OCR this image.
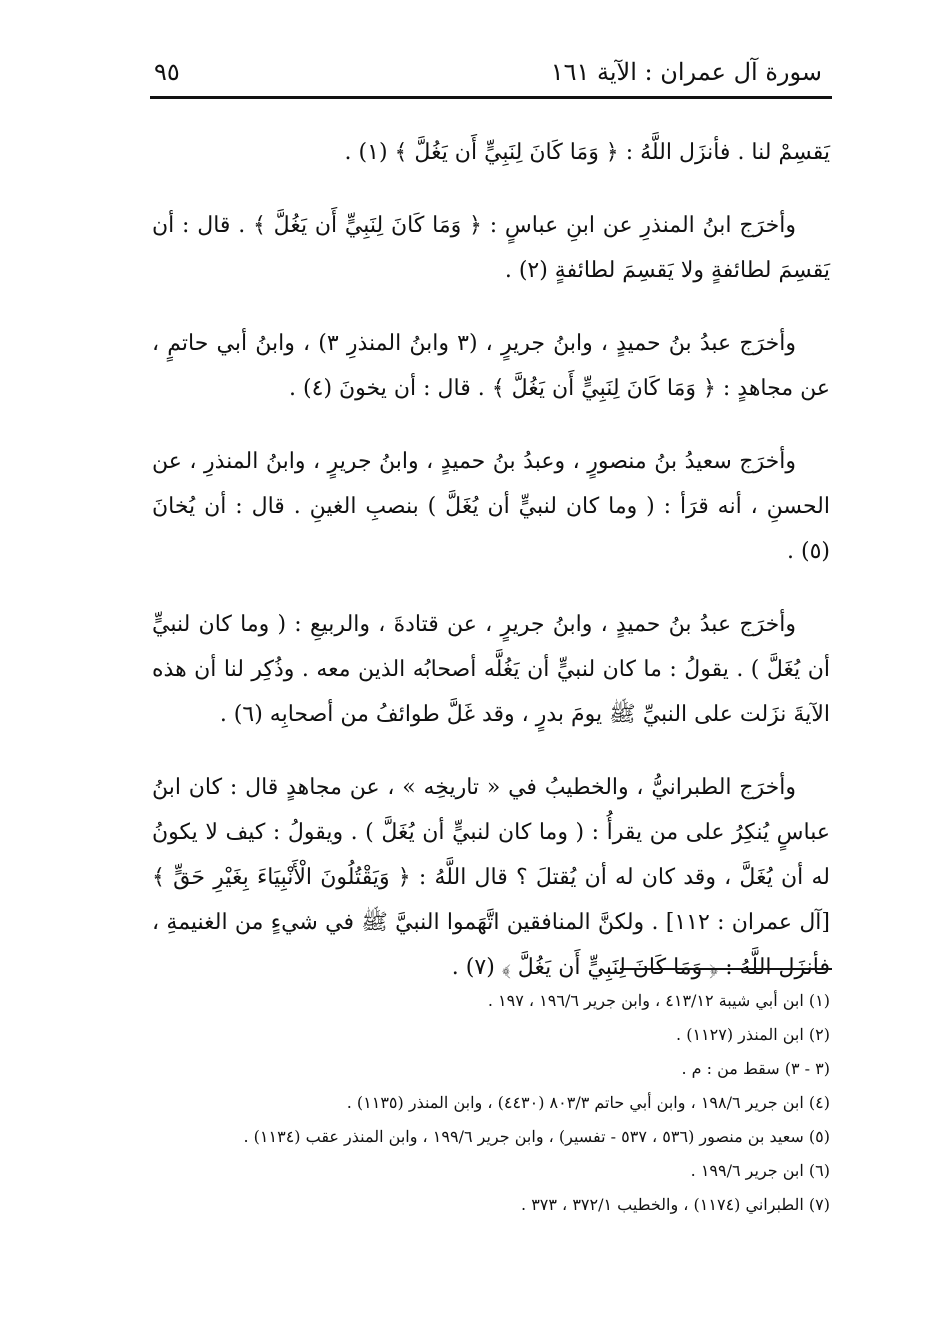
سورة آل عمران : الآية ١٦١
٩٥

يَقسِمْ لنا . فأنزَل اللَّهُ : ﴿ وَمَا كَانَ لِنَبِيٍّ أَن يَغُلَّ ﴾ (١) .

وأخرَج ابنُ المنذرِ عن ابنِ عباسٍ : ﴿ وَمَا كَانَ لِنَبِيٍّ أَن يَغُلَّ ﴾ . قال : أن يَقسِمَ لطائفةٍ ولا يَقسِمَ لطائفةٍ (٢) .

وأخرَج عبدُ بنُ حميدٍ ، وابنُ جريرٍ ، (٣ وابنُ المنذرِ ٣) ، وابنُ أبي حاتمٍ ، عن مجاهدٍ : ﴿ وَمَا كَانَ لِنَبِيٍّ أَن يَغُلَّ ﴾ . قال : أن يخونَ (٤) .

وأخرَج سعيدُ بنُ منصورٍ ، وعبدُ بنُ حميدٍ ، وابنُ جريرٍ ، وابنُ المنذرِ ، عن الحسنِ ، أنه قرَأ : ( وما كان لنبيٍّ أن يُغَلَّ ) بنصبِ الغينِ . قال : أن يُخانَ (٥) .

وأخرَج عبدُ بنُ حميدٍ ، وابنُ جريرٍ ، عن قتادةَ ، والربيعِ : ( وما كان لنبيٍّ أن يُغَلَّ ) . يقولُ : ما كان لنبيٍّ أن يَغُلَّه أصحابُه الذين معه . وذُكِر لنا أن هذه الآيةَ نزَلت على النبيِّ ﷺ يومَ بدرٍ ، وقد غَلَّ طوائفُ من أصحابِه (٦) .

وأخرَج الطبرانيُّ ، والخطيبُ في « تاريخِه » ، عن مجاهدٍ قال : كان ابنُ عباسٍ يُنكِرُ على من يقرأُ : ( وما كان لنبيٍّ أن يُغَلَّ ) . ويقولُ : كيف لا يكونُ له أن يُغَلَّ ، وقد كان له أن يُقتلَ ؟ قال اللَّهُ : ﴿ وَيَقْتُلُونَ الْأَنْبِيَاءَ بِغَيْرِ حَقٍّ ﴾ [آل عمران : ١١٢] . ولكنَّ المنافقين اتَّهَموا النبيَّ ﷺ في شيءٍ من الغنيمةِ ، فأنزَل اللَّهُ : ﴿ وَمَا كَانَ لِنَبِيٍّ أَن يَغُلَّ ﴾ (٧) .

(١) ابن أبي شيبة ٤١٣/١٢ ، وابن جرير ١٩٦/٦ ، ١٩٧ .
(٢) ابن المنذر (١١٢٧) .
(٣ - ٣) سقط من : م .
(٤) ابن جرير ١٩٨/٦ ، وابن أبي حاتم ٨٠٣/٣ (٤٤٣٠) ، وابن المنذر (١١٣٥) .
(٥) سعيد بن منصور (٥٣٦ ، ٥٣٧ - تفسير) ، وابن جرير ١٩٩/٦ ، وابن المنذر عقب (١١٣٤) .
(٦) ابن جرير ١٩٩/٦ .
(٧) الطبراني (١١٧٤) ، والخطيب ٣٧٢/١ ، ٣٧٣ .
